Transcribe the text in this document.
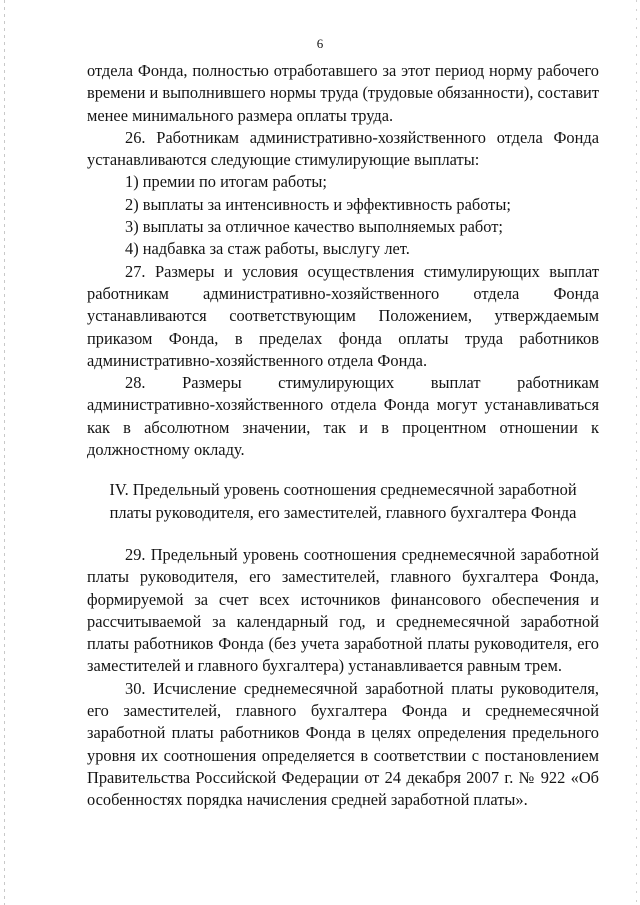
6

отдела Фонда, полностью отработавшего за этот период норму рабочего времени и выполнившего нормы труда (трудовые обязанности), составит менее минимального размера оплаты труда.

26. Работникам административно-хозяйственного отдела Фонда устанавливаются следующие стимулирующие выплаты:

1) премии по итогам работы;

2) выплаты за интенсивность и эффективность работы;

3) выплаты за отличное качество выполняемых работ;

4) надбавка за стаж работы, выслугу лет.

27. Размеры и условия осуществления стимулирующих выплат работникам административно-хозяйственного отдела Фонда устанавливаются соответствующим Положением, утверждаемым приказом Фонда, в пределах фонда оплаты труда работников административно-хозяйственного отдела Фонда.

28. Размеры стимулирующих выплат работникам административно-хозяйственного отдела Фонда могут устанавливаться как в абсолютном значении, так и в процентном отношении к должностному окладу.

IV. Предельный уровень соотношения среднемесячной заработной платы руководителя, его заместителей, главного бухгалтера Фонда

29. Предельный уровень соотношения среднемесячной заработной платы руководителя, его заместителей, главного бухгалтера Фонда, формируемой за счет всех источников финансового обеспечения и рассчитываемой за календарный год, и среднемесячной заработной платы работников Фонда (без учета заработной платы руководителя, его заместителей и главного бухгалтера) устанавливается равным трем.

30. Исчисление среднемесячной заработной платы руководителя, его заместителей, главного бухгалтера Фонда и среднемесячной заработной платы работников Фонда в целях определения предельного уровня их соотношения определяется в соответствии с постановлением Правительства Российской Федерации от 24 декабря 2007 г. № 922 «Об особенностях порядка начисления средней заработной платы».
